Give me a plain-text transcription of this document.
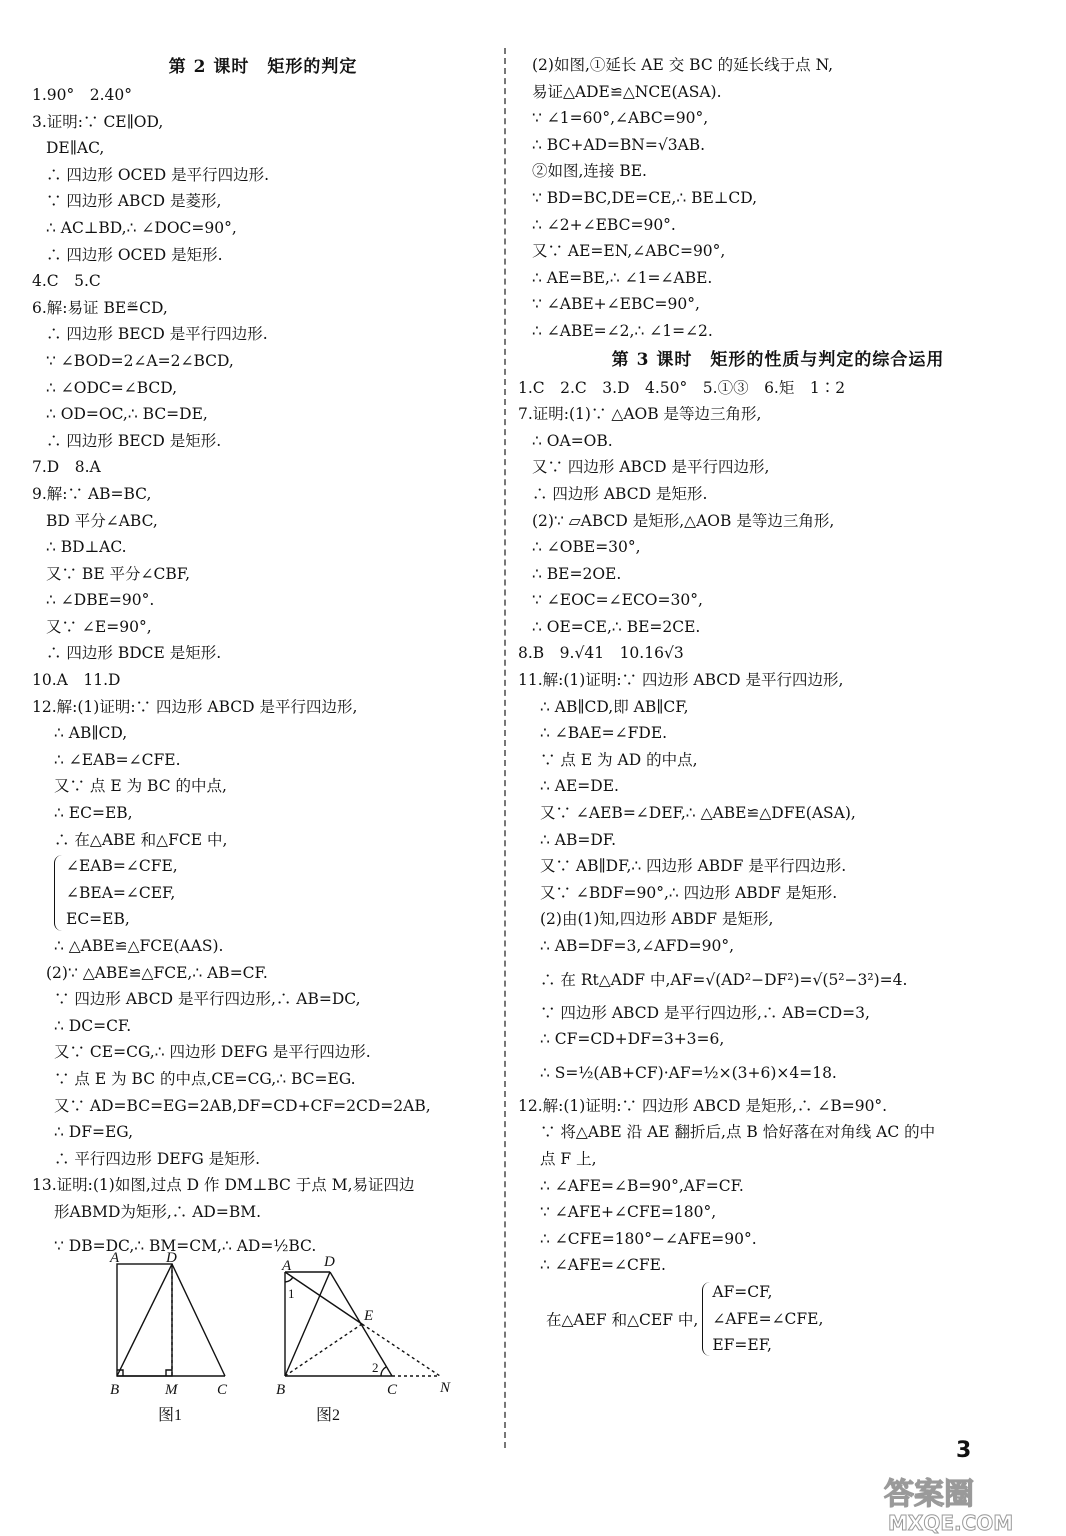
第 2 课时　矩形的判定
1.90°　2.40°
3.证明:∵ CE∥OD,
DE∥AC,
∴ 四边形 OCED 是平行四边形.
∵ 四边形 ABCD 是菱形,
∴ AC⊥BD,∴ ∠DOC=90°,
∴ 四边形 OCED 是矩形.
4.C　5.C
6.解:易证 BE≝CD,
∴ 四边形 BECD 是平行四边形.
∵ ∠BOD=2∠A=2∠BCD,
∴ ∠ODC=∠BCD,
∴ OD=OC,∴ BC=DE,
∴ 四边形 BECD 是矩形.
7.D　8.A
9.解:∵ AB=BC,
BD 平分∠ABC,
∴ BD⊥AC.
又∵ BE 平分∠CBF,
∴ ∠DBE=90°.
又∵ ∠E=90°,
∴ 四边形 BDCE 是矩形.
10.A　11.D
12.解:(1)证明:∵ 四边形 ABCD 是平行四边形,
∴ AB∥CD,
∴ ∠EAB=∠CFE.
又∵ 点 E 为 BC 的中点,
∴ EC=EB,
∴ 在△ABE 和△FCE 中,
∠EAB=∠CFE,
∠BEA=∠CEF,
EC=EB,
∴ △ABE≌△FCE(AAS).
(2)∵ △ABE≌△FCE,∴ AB=CF.
∵ 四边形 ABCD 是平行四边形,∴ AB=DC,
∴ DC=CF.
又∵ CE=CG,∴ 四边形 DEFG 是平行四边形.
∵ 点 E 为 BC 的中点,CE=CG,∴ BC=EG.
又∵ AD=BC=EG=2AB,DF=CD+CF=2CD=2AB,
∴ DF=EG,
∴ 平行四边形 DEFG 是矩形.
13.证明:(1)如图,过点 D 作 DM⊥BC 于点 M,易证四边
形ABMD为矩形,∴ AD=BM.
∵ DB=DC,∴ BM=CM,∴ AD=½BC.
A	D
B	M	C
图1
A D
1
E
2
B	C	N
图2
(2)如图,①延长 AE 交 BC 的延长线于点 N,
易证△ADE≌△NCE(ASA).
∵ ∠1=60°,∠ABC=90°,
∴ BC+AD=BN=√3AB.
②如图,连接 BE.
∵ BD=BC,DE=CE,∴ BE⊥CD,
∴ ∠2+∠EBC=90°.
又∵ AE=EN,∠ABC=90°,
∴ AE=BE,∴ ∠1=∠ABE.
∵ ∠ABE+∠EBC=90°,
∴ ∠ABE=∠2,∴ ∠1=∠2.
第 3 课时　矩形的性质与判定的综合运用
1.C　2.C　3.D　4.50°　5.①③　6.矩　1∶2
7.证明:(1)∵ △AOB 是等边三角形,
∴ OA=OB.
又∵ 四边形 ABCD 是平行四边形,
∴ 四边形 ABCD 是矩形.
(2)∵ ▱ABCD 是矩形,△AOB 是等边三角形,
∴ ∠OBE=30°,
∴ BE=2OE.
∵ ∠EOC=∠ECO=30°,
∴ OE=CE,∴ BE=2CE.
8.B　9.√41　10.16√3
11.解:(1)证明:∵ 四边形 ABCD 是平行四边形,
∴ AB∥CD,即 AB∥CF,
∴ ∠BAE=∠FDE.
∵ 点 E 为 AD 的中点,
∴ AE=DE.
又∵ ∠AEB=∠DEF,∴ △ABE≌△DFE(ASA),
∴ AB=DF.
又∵ AB∥DF,∴ 四边形 ABDF 是平行四边形.
又∵ ∠BDF=90°,∴ 四边形 ABDF 是矩形.
(2)由(1)知,四边形 ABDF 是矩形,
∴ AB=DF=3,∠AFD=90°,
∴ 在 Rt△ADF 中,AF=√(AD²−DF²)=√(5²−3²)=4.
∵ 四边形 ABCD 是平行四边形,∴ AB=CD=3,
∴ CF=CD+DF=3+3=6,
∴ S=½(AB+CF)·AF=½×(3+6)×4=18.
12.解:(1)证明:∵ 四边形 ABCD 是矩形,∴ ∠B=90°.
∵ 将△ABE 沿 AE 翻折后,点 B 恰好落在对角线 AC 的中
点 F 上,
∴ ∠AFE=∠B=90°,AF=CF.
∵ ∠AFE+∠CFE=180°,
∴ ∠CFE=180°−∠AFE=90°.
∴ ∠AFE=∠CFE.
在△AEF 和△CEF 中,
AF=CF,
∠AFE=∠CFE,
EF=EF,
3
答案圈
MXQE.COM
